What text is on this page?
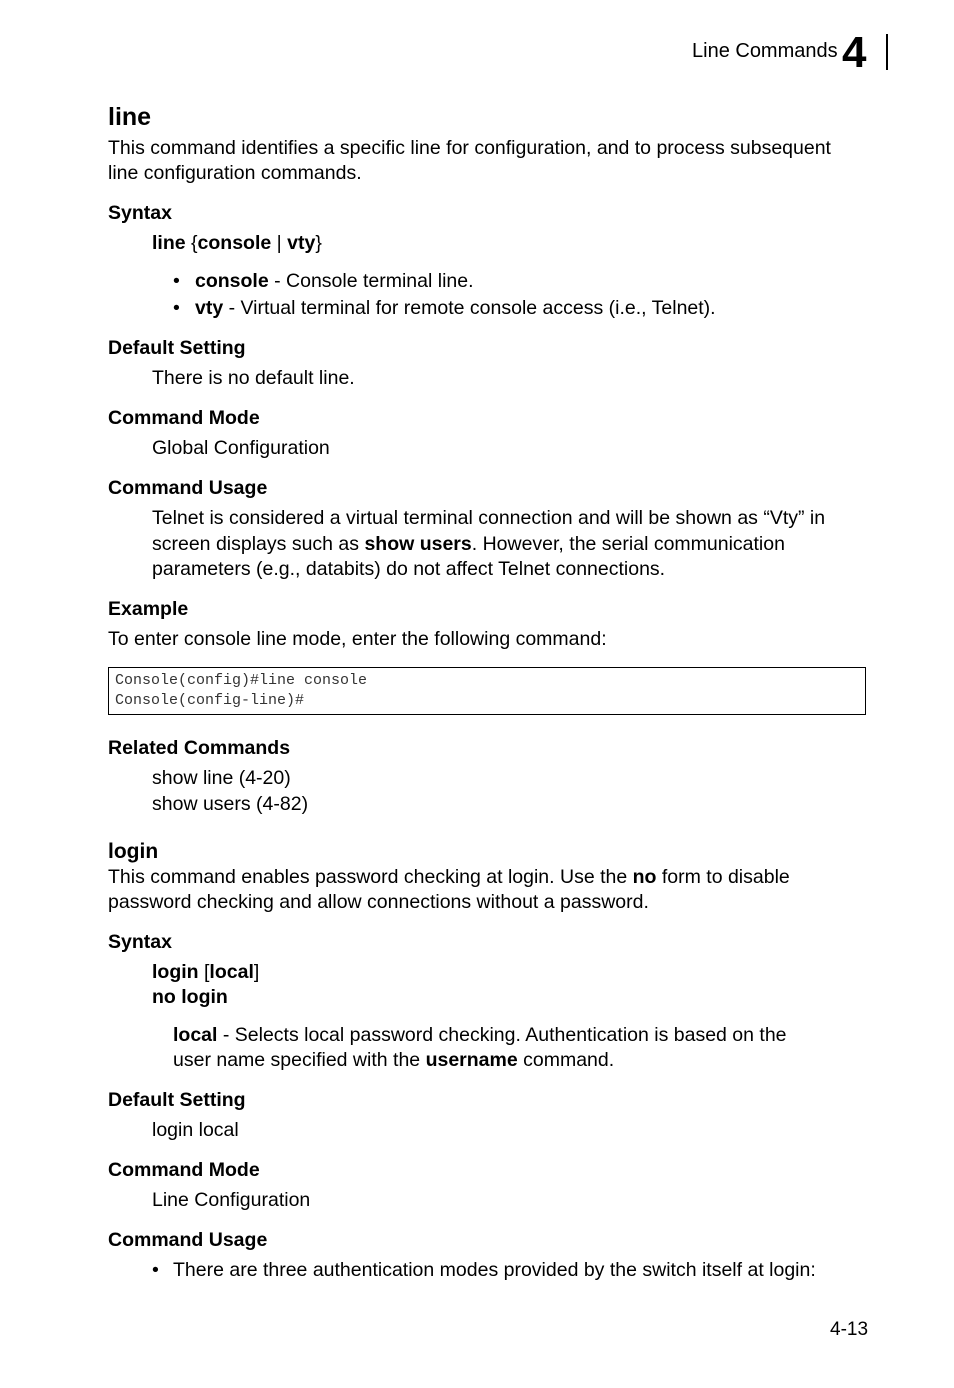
Line Commands 4
line
This command identifies a specific line for configuration, and to process subsequent
line configuration commands.
Syntax
line {console | vty}
• console - Console terminal line.
• vty - Virtual terminal for remote console access (i.e., Telnet).
Default Setting
There is no default line.
Command Mode
Global Configuration
Command Usage
Telnet is considered a virtual terminal connection and will be shown as “Vty” in
screen displays such as show users. However, the serial communication
parameters (e.g., databits) do not affect Telnet connections.
Example
To enter console line mode, enter the following command:
Console(config)#line console
Console(config-line)#
Related Commands
show line (4-20)
show users (4-82)
login
This command enables password checking at login. Use the no form to disable
password checking and allow connections without a password.
Syntax
login [local]
no login
local - Selects local password checking. Authentication is based on the
user name specified with the username command.
Default Setting
login local
Command Mode
Line Configuration
Command Usage
• There are three authentication modes provided by the switch itself at login:
4-13
